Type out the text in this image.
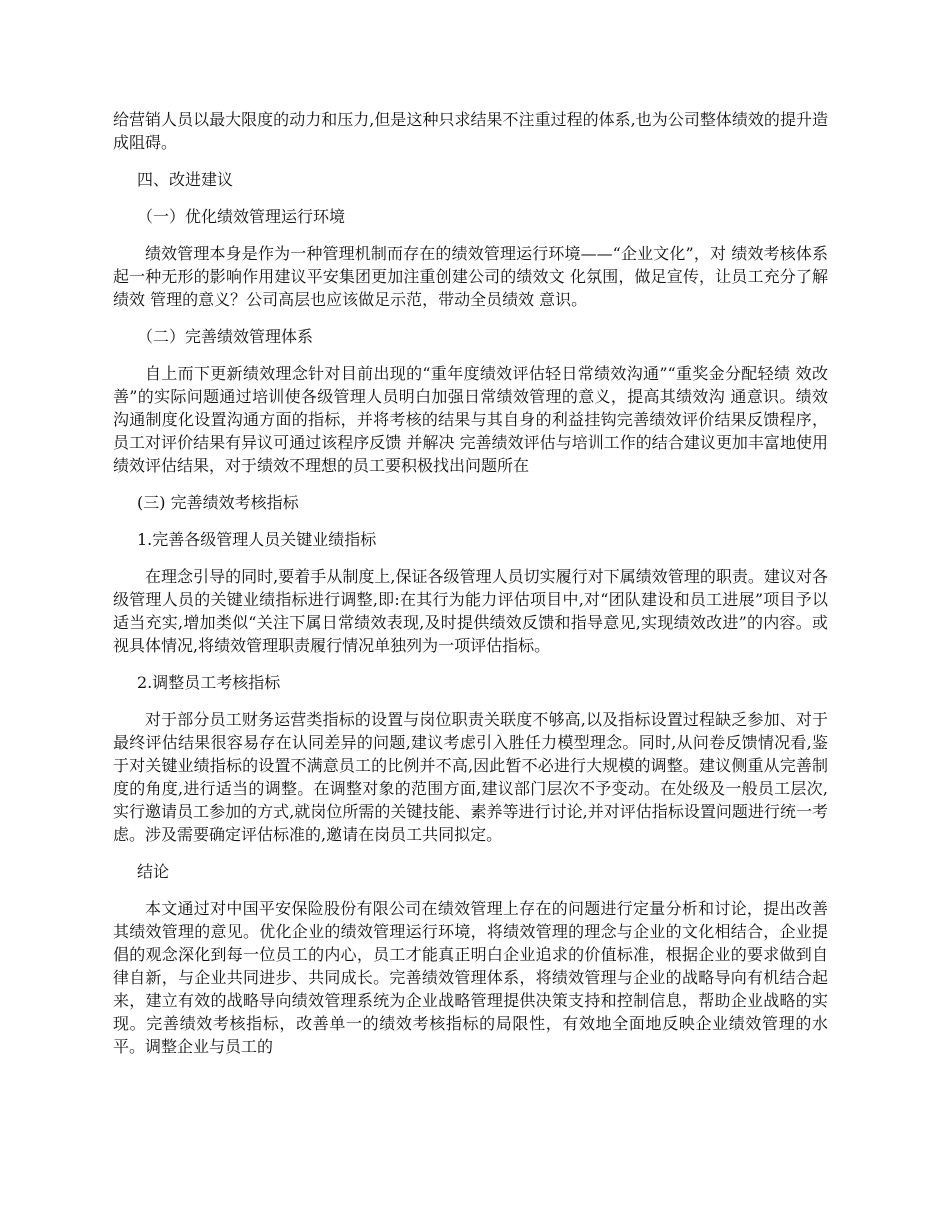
给营销人员以最大限度的动力和压力,但是这种只求结果不注重过程的体系,也为公司整体绩效的提升造成阻碍。

四、改进建议
（一）优化绩效管理运行环境

绩效管理本身是作为一种管理机制而存在的绩效管理运行环境——“企业文化”，对 绩效考核体系起一种无形的影响作用建议平安集团更加注重创建公司的绩效文 化氛围，做足宣传，让员工充分了解绩效 管理的意义？公司高层也应该做足示范，带动全员绩效 意识。

（二）完善绩效管理体系

自上而下更新绩效理念针对目前出现的“重年度绩效评估轻日常绩效沟通”“重奖金分配轻绩 效改善”的实际问题通过培训使各级管理人员明白加强日常绩效管理的意义，提高其绩效沟 通意识。绩效沟通制度化设置沟通方面的指标，并将考核的结果与其自身的利益挂钩完善绩效评价结果反馈程序，员工对评价结果有异议可通过该程序反馈 并解决 完善绩效评估与培训工作的结合建议更加丰富地使用绩效评估结果，对于绩效不理想的员工要积极找出问题所在

(三) 完善绩效考核指标
1.完善各级管理人员关键业绩指标

在理念引导的同时,要着手从制度上,保证各级管理人员切实履行对下属绩效管理的职责。建议对各级管理人员的关键业绩指标进行调整,即:在其行为能力评估项目中,对“团队建设和员工进展”项目予以适当充实,增加类似“关注下属日常绩效表现,及时提供绩效反馈和指导意见,实现绩效改进”的内容。或视具体情况,将绩效管理职责履行情况单独列为一项评估指标。

2.调整员工考核指标

对于部分员工财务运营类指标的设置与岗位职责关联度不够高,以及指标设置过程缺乏参加、对于最终评估结果很容易存在认同差异的问题,建议考虑引入胜任力模型理念。同时,从问卷反馈情况看,鉴于对关键业绩指标的设置不满意员工的比例并不高,因此暂不必进行大规模的调整。建议侧重从完善制度的角度,进行适当的调整。在调整对象的范围方面,建议部门层次不予变动。在处级及一般员工层次,实行邀请员工参加的方式,就岗位所需的关键技能、素养等进行讨论,并对评估指标设置问题进行统一考虑。涉及需要确定评估标准的,邀请在岗员工共同拟定。

结论

本文通过对中国平安保险股份有限公司在绩效管理上存在的问题进行定量分析和讨论，提出改善其绩效管理的意见。优化企业的绩效管理运行环境，将绩效管理的理念与企业的文化相结合，企业提倡的观念深化到每一位员工的内心，员工才能真正明白企业追求的价值标准，根据企业的要求做到自律自新，与企业共同进步、共同成长。完善绩效管理体系，将绩效管理与企业的战略导向有机结合起来，建立有效的战略导向绩效管理系统为企业战略管理提供决策支持和控制信息，帮助企业战略的实现。完善绩效考核指标，改善单一的绩效考核指标的局限性，有效地全面地反映企业绩效管理的水平。调整企业与员工的
